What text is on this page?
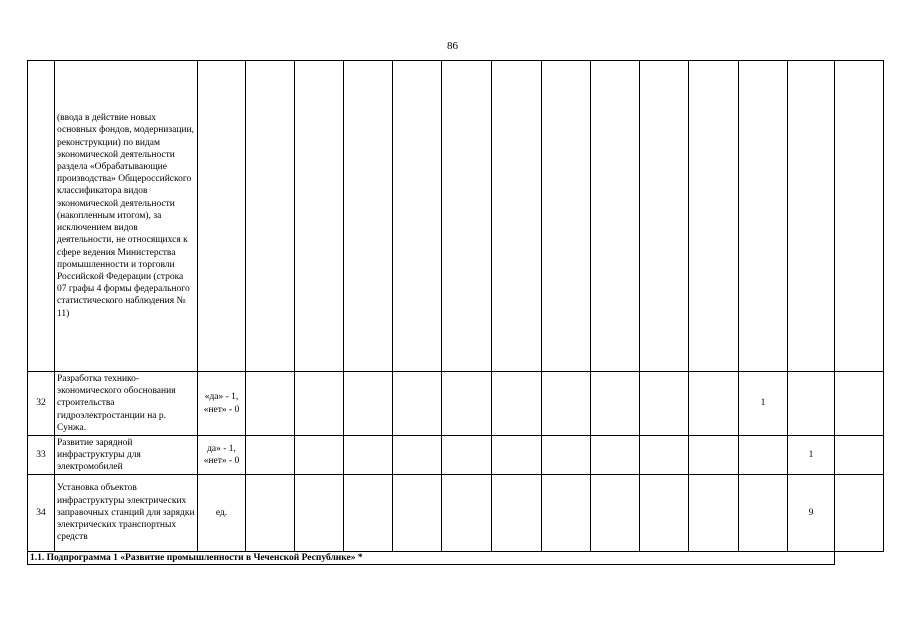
86
	(ввода в действие новых основных фондов, модернизации, реконструкции) по видам экономической деятельности раздела «Обрабатывающие производства» Общероссийского классификатора видов экономической деятельности (накопленным итогом), за исключением видов деятельности, не относящихся к сфере ведения Министерства промышленности и торговли Российской Федерации (строка 07 графы 4 формы федерального статистического наблюдения № 11)														
32	Разработка технико-экономического обоснования строительства гидроэлектростанции на р. Сунжа.	«да» - 1, «нет» - 0											1		
33	Развитие зарядной инфраструктуры для электромобилей	да» - 1, «нет» - 0												1	
34	Установка объектов инфраструктуры электрических заправочных станций для зарядки электрических транспортных средств	ед.												9	
1.1. Подпрограмма 1 «Развитие промышленности в Чеченской Республике» *															
